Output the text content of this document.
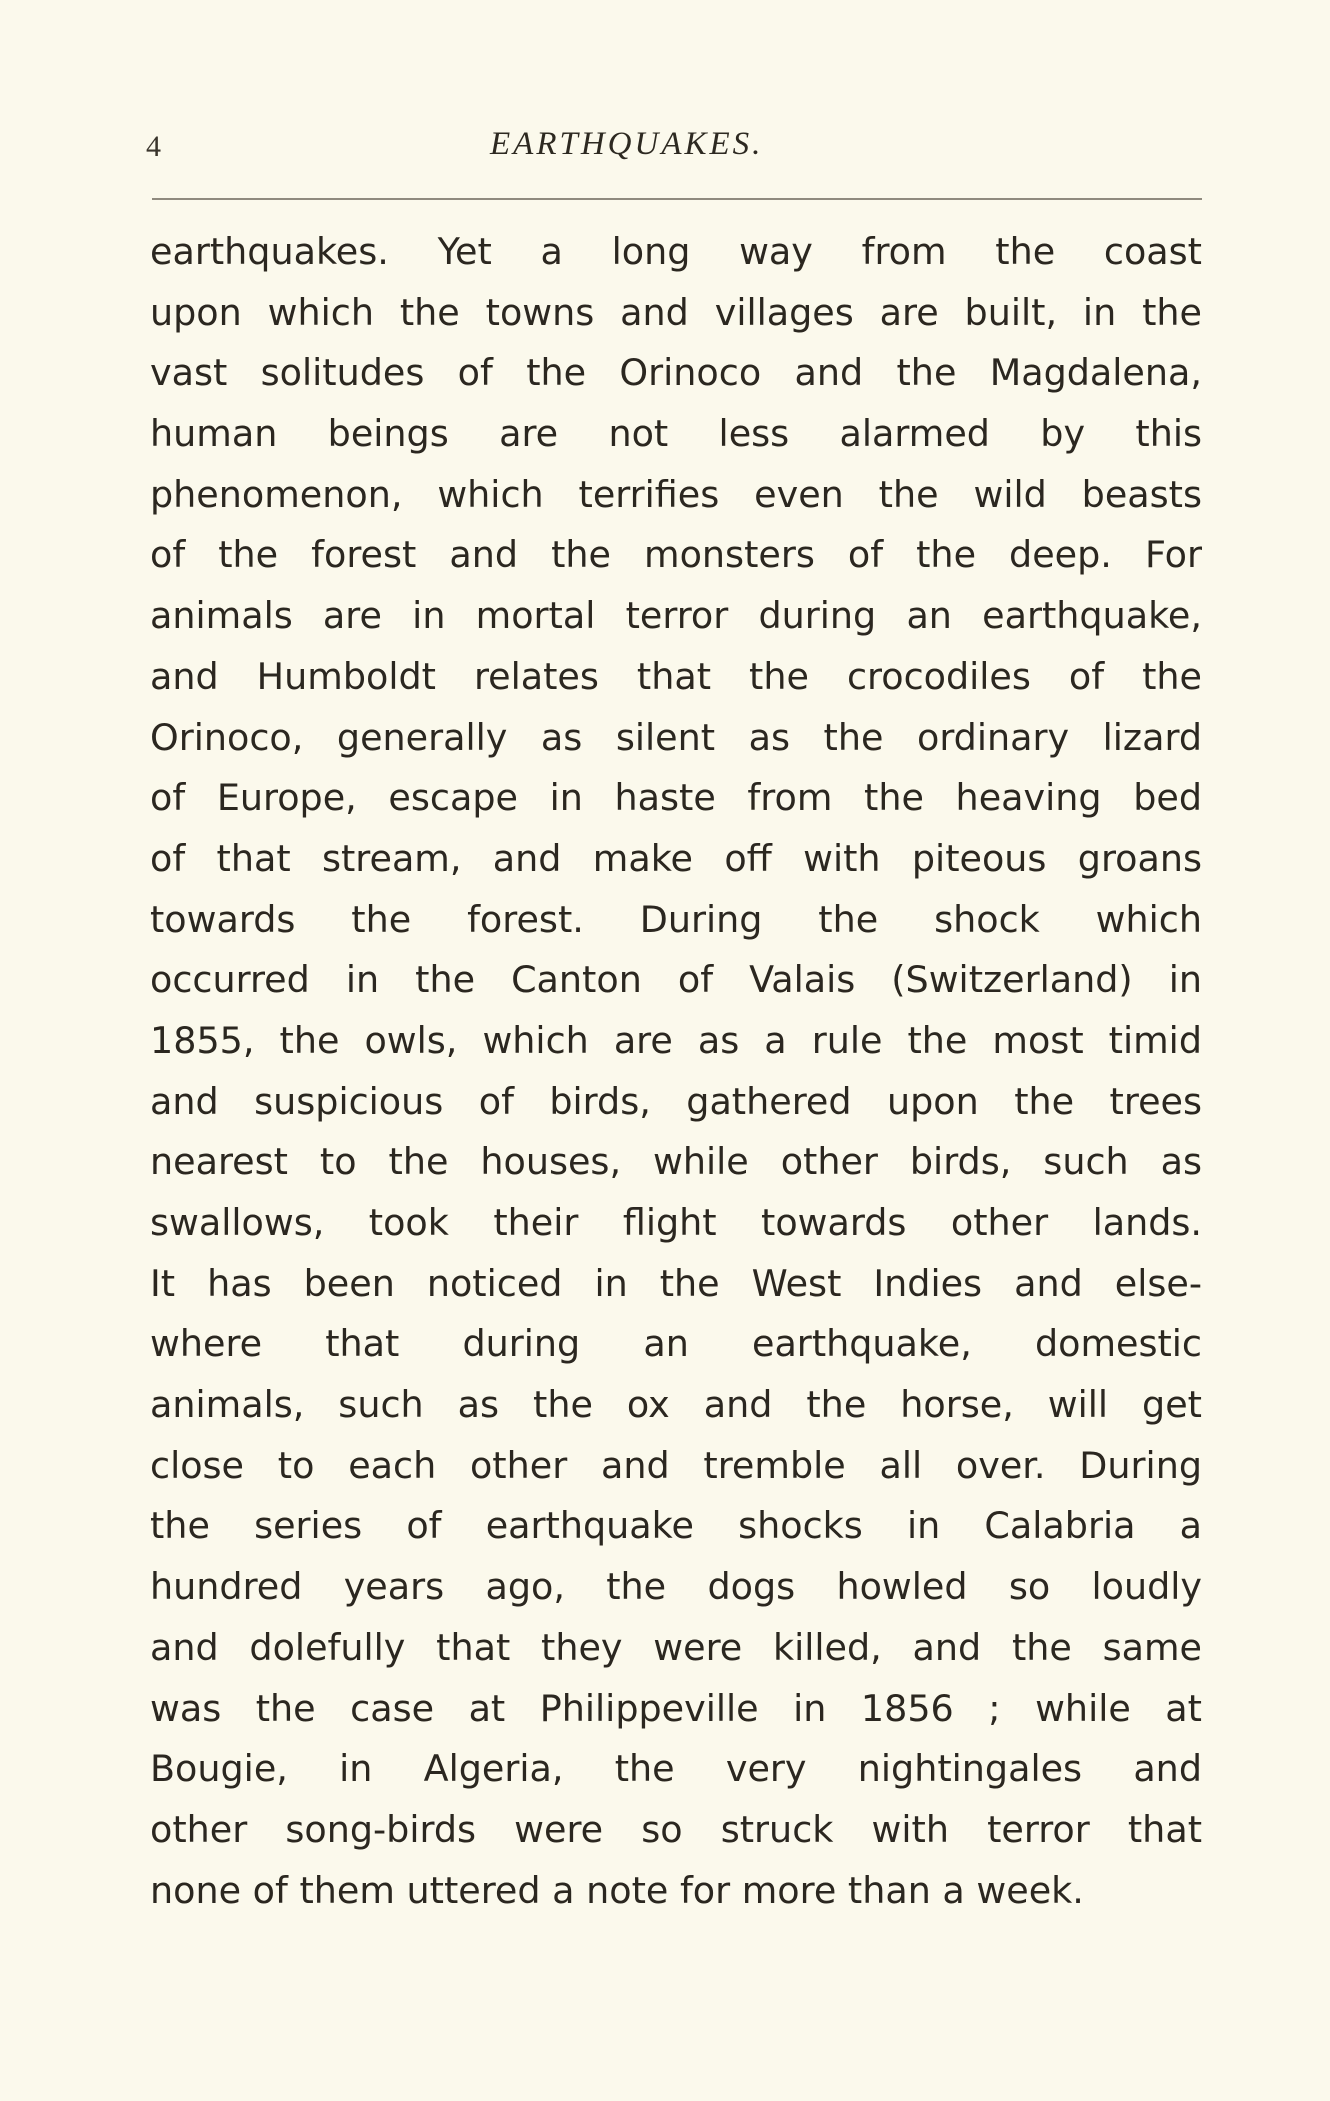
4	EARTHQUAKES.
earthquakes. Yet a long way from the coast
upon which the towns and villages are built, in the
vast solitudes of the Orinoco and the Magdalena,
human beings are not less alarmed by this
phenomenon, which terrifies even the wild beasts
of the forest and the monsters of the deep. For
animals are in mortal terror during an earthquake,
and Humboldt relates that the crocodiles of the
Orinoco, generally as silent as the ordinary lizard
of Europe, escape in haste from the heaving bed
of that stream, and make off with piteous groans
towards the forest. During the shock which
occurred in the Canton of Valais (Switzerland) in
1855, the owls, which are as a rule the most timid
and suspicious of birds, gathered upon the trees
nearest to the houses, while other birds, such as
swallows, took their flight towards other lands.
It has been noticed in the West Indies and else-
where that during an earthquake, domestic
animals, such as the ox and the horse, will get
close to each other and tremble all over. During
the series of earthquake shocks in Calabria a
hundred years ago, the dogs howled so loudly
and dolefully that they were killed, and the same
was the case at Philippeville in 1856 ; while at
Bougie, in Algeria, the very nightingales and
other song-birds were so struck with terror that
none of them uttered a note for more than a week.
